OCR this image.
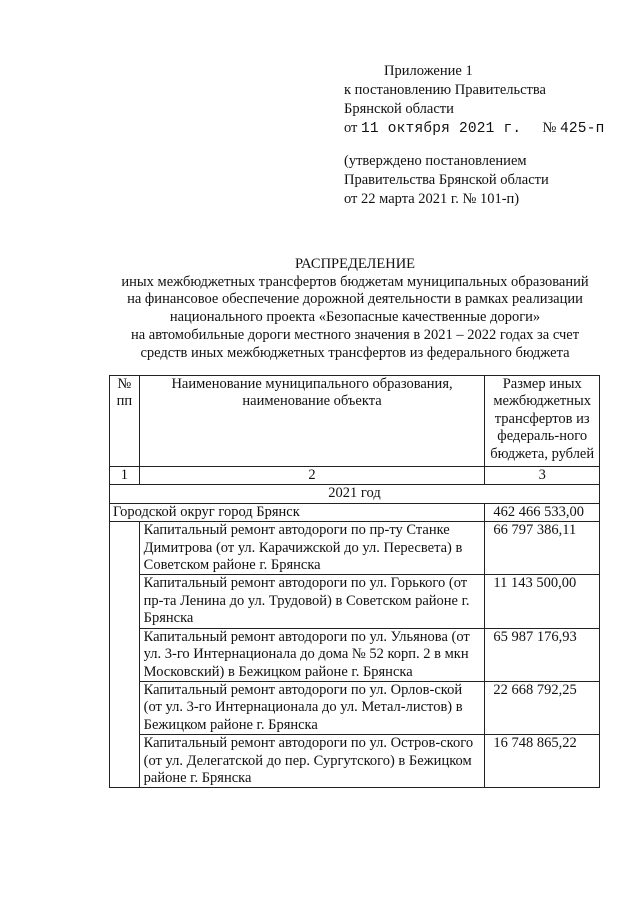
Приложение 1
к постановлению Правительства
Брянской области
от 11 октября 2021 г. № 425-п
(утверждено постановлением
Правительства Брянской области
от 22 марта 2021 г. № 101-п)
РАСПРЕДЕЛЕНИЕ
иных межбюджетных трансфертов бюджетам муниципальных образований
на финансовое обеспечение дорожной деятельности в рамках реализации
национального проекта «Безопасные качественные дороги»
на автомобильные дороги местного значения в 2021 – 2022 годах за счет
средств иных межбюджетных трансфертов из федерального бюджета
№ пп	Наименование муниципального образования, наименование объекта	Размер иных межбюджетных трансфертов из федераль-ного бюджета, рублей
1	2	3
2021 год		
Городской округ город Брянск		462 466 533,00
	Капитальный ремонт автодороги по пр-ту Станке Димитрова (от ул. Карачижской до ул. Пересвета) в Советском районе г. Брянска	66 797 386,11
	Капитальный ремонт автодороги по ул. Горького (от пр-та Ленина до ул. Трудовой) в Советском районе г. Брянска	11 143 500,00
	Капитальный ремонт автодороги по ул. Ульянова (от ул. 3-го Интернационала до дома № 52 корп. 2 в мкн Московский) в Бежицком районе г. Брянска	65 987 176,93
	Капитальный ремонт автодороги по ул. Орлов-ской (от ул. 3-го Интернационала до ул. Метал-листов) в Бежицком районе г. Брянска	22 668 792,25
	Капитальный ремонт автодороги по ул. Остров-ского (от ул. Делегатской до пер. Сургутского) в Бежицком районе г. Брянска	16 748 865,22
